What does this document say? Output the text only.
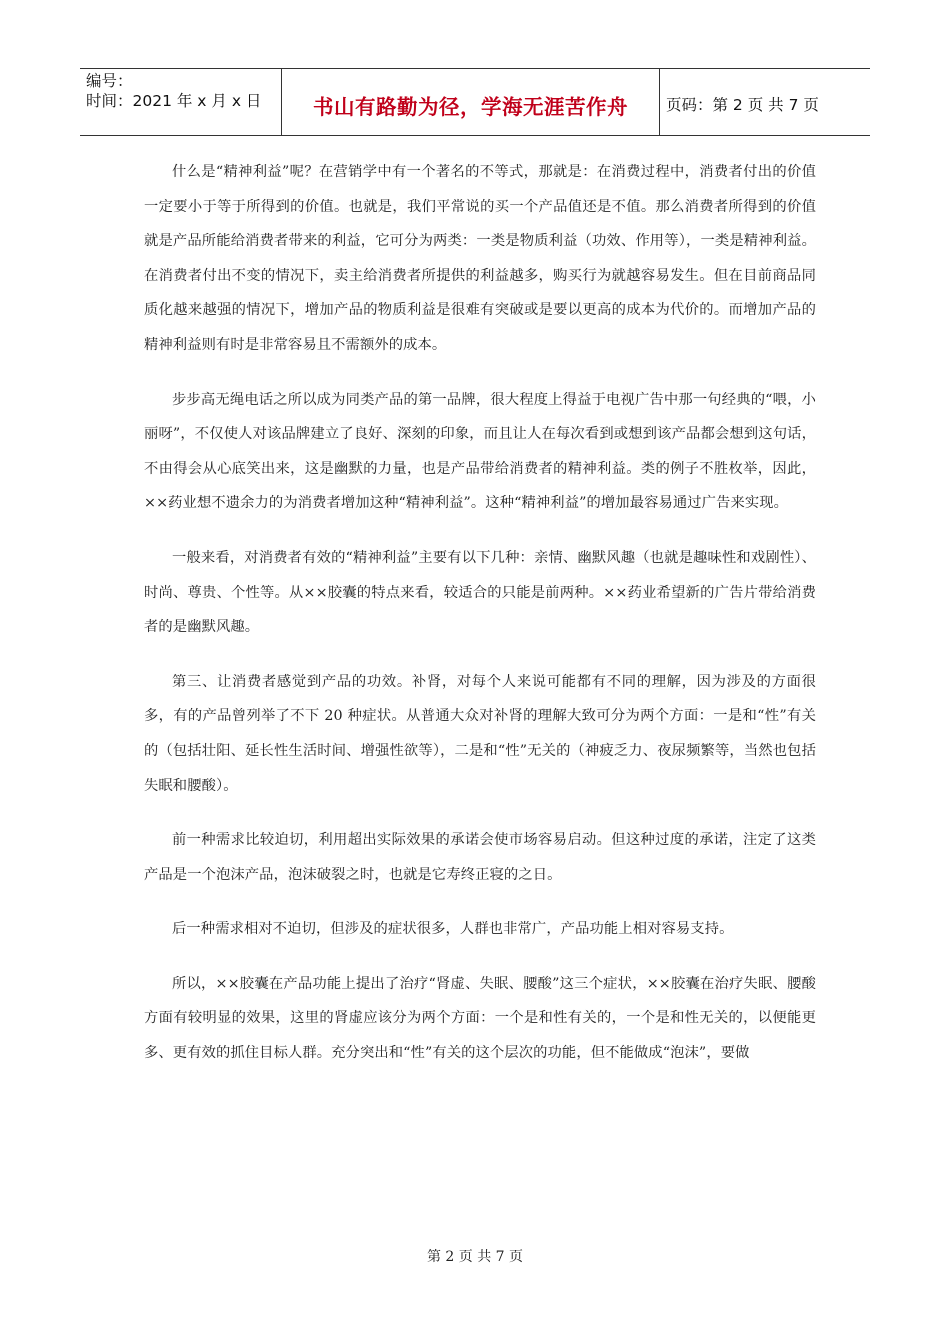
编号：
时间：2021 年 x 月 x 日	书山有路勤为径，学海无涯苦作舟 页码：第 2 页 共 7 页

什么是“精神利益”呢？在营销学中有一个著名的不等式，那就是：在消费过程中，消费者付出的价值一定要小于等于所得到的价值。也就是，我们平常说的买一个产品值还是不值。那么消费者所得到的价值就是产品所能给消费者带来的利益，它可分为两类：一类是物质利益（功效、作用等），一类是精神利益。在消费者付出不变的情况下，卖主给消费者所提供的利益越多，购买行为就越容易发生。但在目前商品同质化越来越强的情况下，增加产品的物质利益是很难有突破或是要以更高的成本为代价的。而增加产品的精神利益则有时是非常容易且不需额外的成本。

步步高无绳电话之所以成为同类产品的第一品牌，很大程度上得益于电视广告中那一句经典的“喂，小丽呀”，不仅使人对该品牌建立了良好、深刻的印象，而且让人在每次看到或想到该产品都会想到这句话，不由得会从心底笑出来，这是幽默的力量，也是产品带给消费者的精神利益。类的例子不胜枚举，因此，××药业想不遗余力的为消费者增加这种“精神利益”。这种“精神利益”的增加最容易通过广告来实现。

一般来看，对消费者有效的“精神利益”主要有以下几种：亲情、幽默风趣（也就是趣味性和戏剧性）、时尚、尊贵、个性等。从××胶囊的特点来看，较适合的只能是前两种。××药业希望新的广告片带给消费者的是幽默风趣。

第三、让消费者感觉到产品的功效。补肾，对每个人来说可能都有不同的理解，因为涉及的方面很多，有的产品曾列举了不下 20 种症状。从普通大众对补肾的理解大致可分为两个方面：一是和“性”有关的（包括壮阳、延长性生活时间、增强性欲等），二是和“性”无关的（神疲乏力、夜尿频繁等，当然也包括失眠和腰酸）。

前一种需求比较迫切，利用超出实际效果的承诺会使市场容易启动。但这种过度的承诺，注定了这类产品是一个泡沫产品，泡沫破裂之时，也就是它寿终正寝的之日。

后一种需求相对不迫切，但涉及的症状很多，人群也非常广，产品功能上相对容易支持。

所以，××胶囊在产品功能上提出了治疗“肾虚、失眠、腰酸”这三个症状，××胶囊在治疗失眠、腰酸方面有较明显的效果，这里的肾虚应该分为两个方面：一个是和性有关的，一个是和性无关的，以便能更多、更有效的抓住目标人群。充分突出和“性”有关的这个层次的功能，但不能做成“泡沫”，要做

第 2 页 共 7 页
